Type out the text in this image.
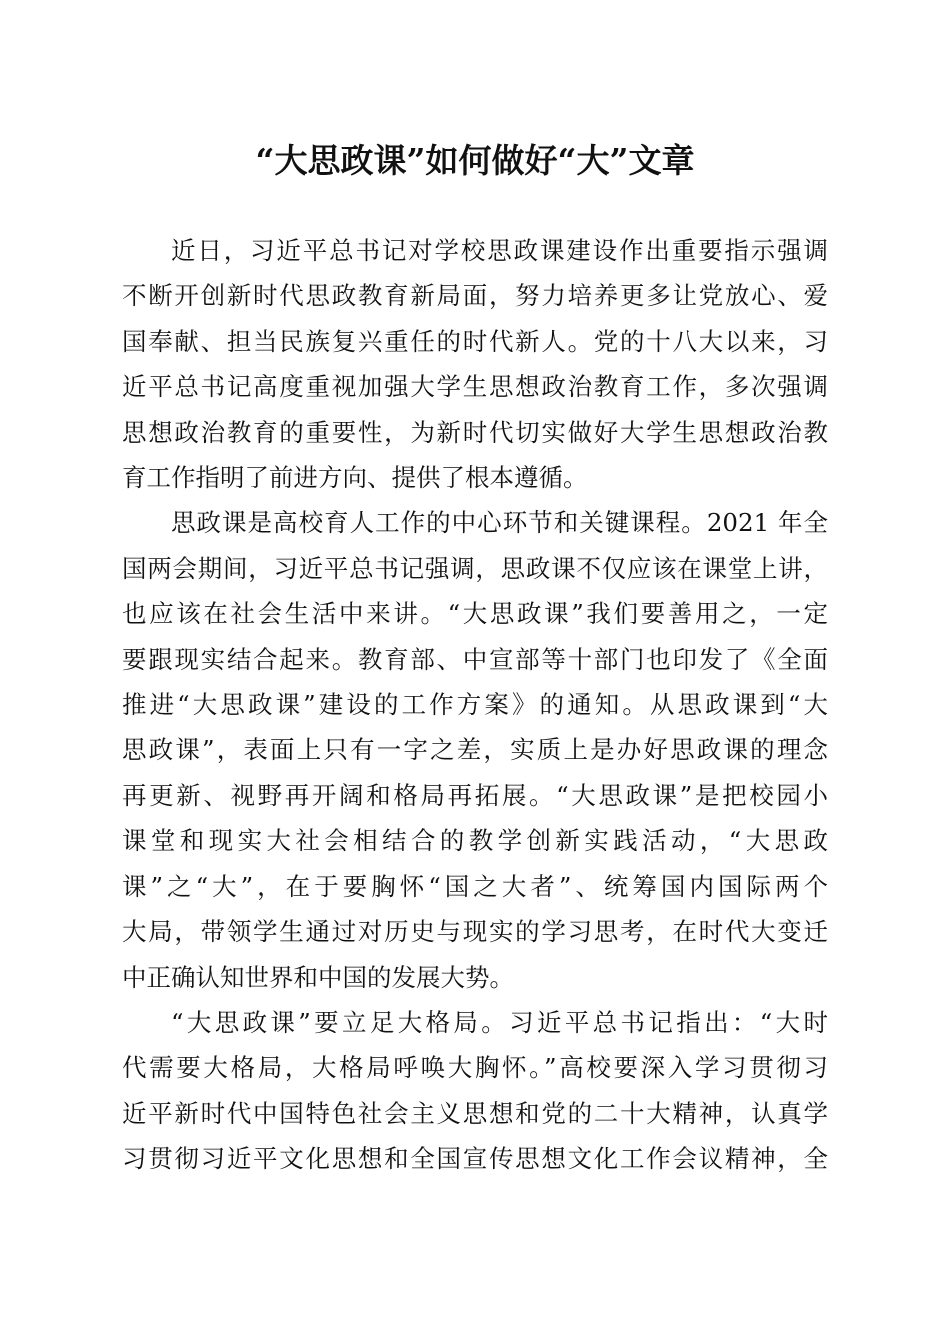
“大思政课”如何做好“大”文章

近日，习近平总书记对学校思政课建设作出重要指示强调
不断开创新时代思政教育新局面，努力培养更多让党放心、爱
国奉献、担当民族复兴重任的时代新人。党的十八大以来，习
近平总书记高度重视加强大学生思想政治教育工作，多次强调
思想政治教育的重要性，为新时代切实做好大学生思想政治教
育工作指明了前进方向、提供了根本遵循。

思政课是高校育人工作的中心环节和关键课程。2021 年全
国两会期间，习近平总书记强调，思政课不仅应该在课堂上讲，
也应该在社会生活中来讲。“大思政课”我们要善用之，一定
要跟现实结合起来。教育部、中宣部等十部门也印发了《全面
推进“大思政课”建设的工作方案》的通知。从思政课到“大
思政课”，表面上只有一字之差，实质上是办好思政课的理念
再更新、视野再开阔和格局再拓展。“大思政课”是把校园小
课堂和现实大社会相结合的教学创新实践活动，“大思政
课”之“大”，在于要胸怀“国之大者”、统筹国内国际两个
大局，带领学生通过对历史与现实的学习思考，在时代大变迁
中正确认知世界和中国的发展大势。

“大思政课”要立足大格局。习近平总书记指出：“大时
代需要大格局，大格局呼唤大胸怀。”高校要深入学习贯彻习
近平新时代中国特色社会主义思想和党的二十大精神，认真学
习贯彻习近平文化思想和全国宣传思想文化工作会议精神，全
